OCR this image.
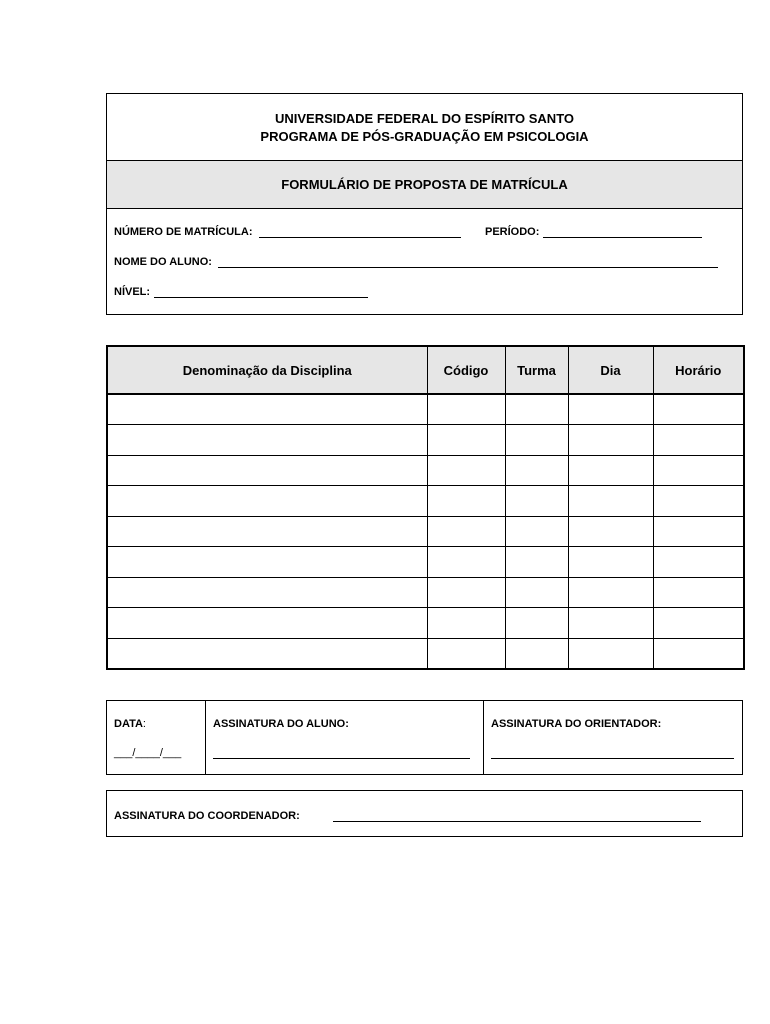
UNIVERSIDADE FEDERAL DO ESPÍRITO SANTO
PROGRAMA DE PÓS-GRADUAÇÃO EM PSICOLOGIA
FORMULÁRIO DE PROPOSTA DE MATRÍCULA
NÚMERO DE MATRÍCULA:	PERÍODO:
NOME DO ALUNO:
NÍVEL:
Denominação da Disciplina	Código	Turma	Dia	Horário

DATA:
___/____/___
ASSINATURA DO ALUNO:	ASSINATURA DO ORIENTADOR:
ASSINATURA DO COORDENADOR:
